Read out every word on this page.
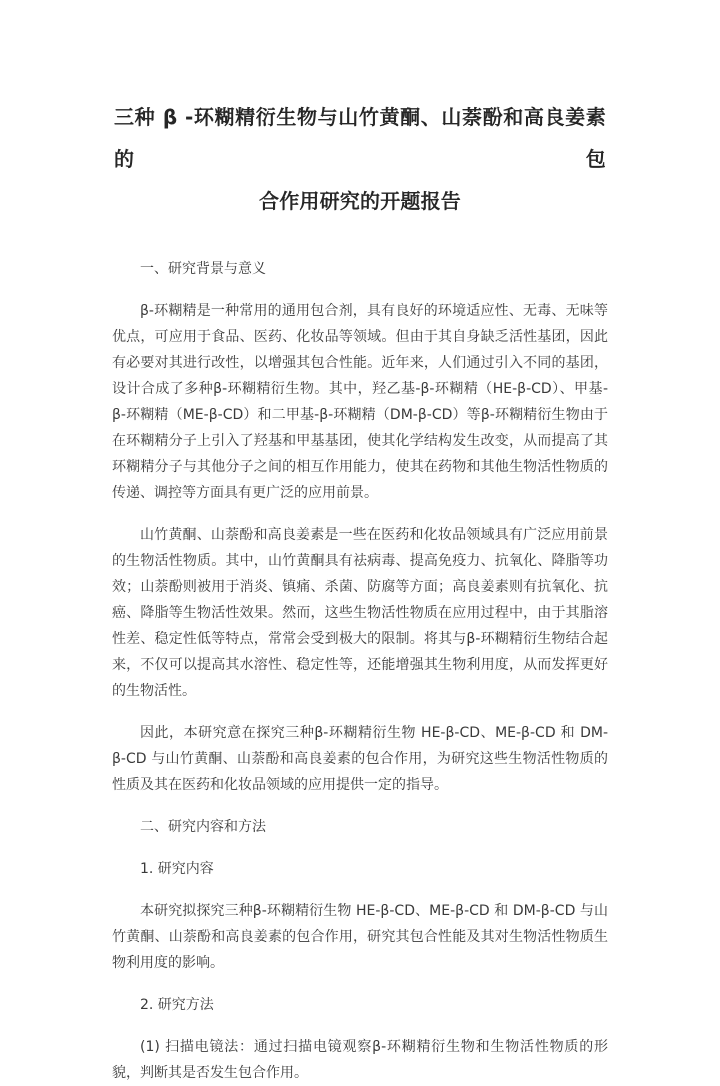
三种 β -环糊精衍生物与山竹黄酮、山萘酚和高良姜素的包
合作用研究的开题报告
一、研究背景与意义

β-环糊精是一种常用的通用包合剂，具有良好的环境适应性、无毒、无味等优点，可应用于食品、医药、化妆品等领域。但由于其自身缺乏活性基团，因此有必要对其进行改性，以增强其包合性能。近年来，人们通过引入不同的基团，设计合成了多种β-环糊精衍生物。其中，羟乙基-β-环糊精（HE-β-CD）、甲基-β-环糊精（ME-β-CD）和二甲基-β-环糊精（DM-β-CD）等β-环糊精衍生物由于在环糊精分子上引入了羟基和甲基基团，使其化学结构发生改变，从而提高了其环糊精分子与其他分子之间的相互作用能力，使其在药物和其他生物活性物质的传递、调控等方面具有更广泛的应用前景。

山竹黄酮、山萘酚和高良姜素是一些在医药和化妆品领域具有广泛应用前景的生物活性物质。其中，山竹黄酮具有祛病毒、提高免疫力、抗氧化、降脂等功效；山萘酚则被用于消炎、镇痛、杀菌、防腐等方面；高良姜素则有抗氧化、抗癌、降脂等生物活性效果。然而，这些生物活性物质在应用过程中，由于其脂溶性差、稳定性低等特点，常常会受到极大的限制。将其与β-环糊精衍生物结合起来，不仅可以提高其水溶性、稳定性等，还能增强其生物利用度，从而发挥更好的生物活性。

因此，本研究意在探究三种β-环糊精衍生物 HE-β-CD、ME-β-CD 和 DM-β-CD 与山竹黄酮、山萘酚和高良姜素的包合作用，为研究这些生物活性物质的性质及其在医药和化妆品领域的应用提供一定的指导。

二、研究内容和方法
1. 研究内容

本研究拟探究三种β-环糊精衍生物 HE-β-CD、ME-β-CD 和 DM-β-CD 与山竹黄酮、山萘酚和高良姜素的包合作用，研究其包合性能及其对生物活性物质生物利用度的影响。

2. 研究方法

(1) 扫描电镜法：通过扫描电镜观察β-环糊精衍生物和生物活性物质的形貌，判断其是否发生包合作用。
